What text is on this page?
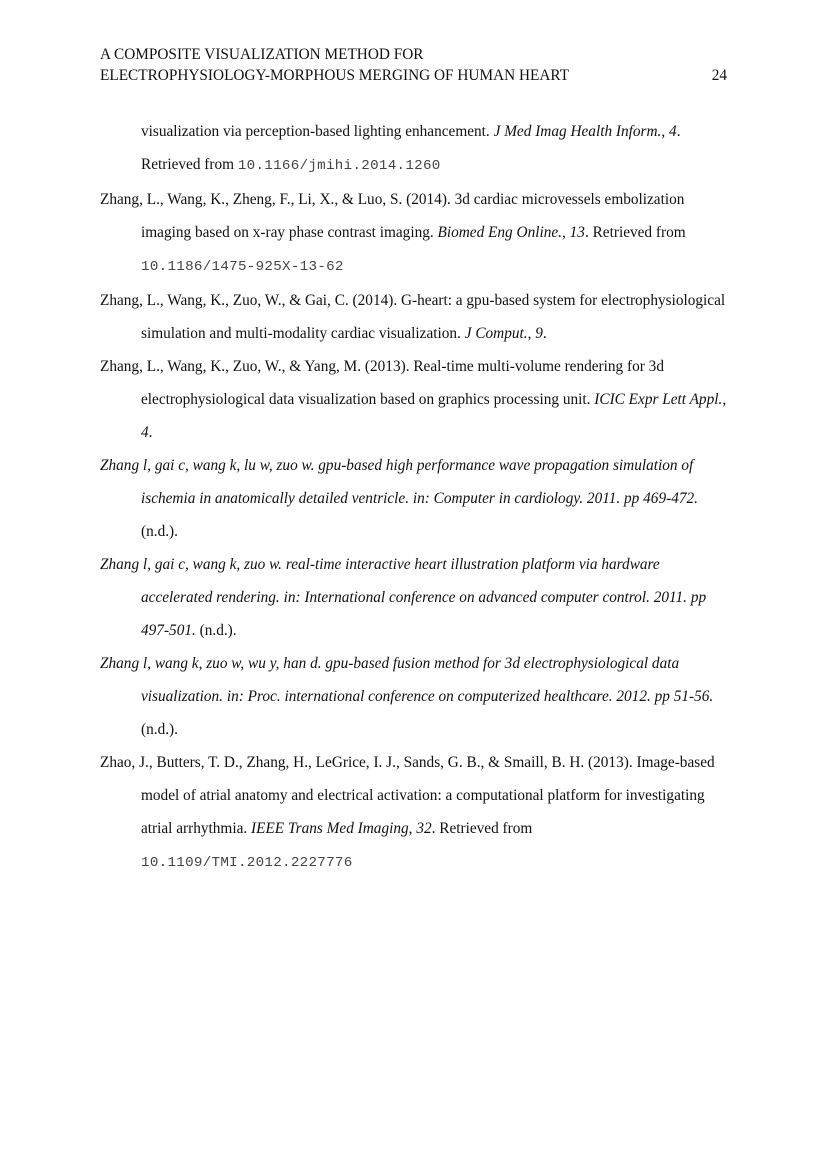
A COMPOSITE VISUALIZATION METHOD FOR
ELECTROPHYSIOLOGY-MORPHOUS MERGING OF HUMAN HEART	24

visualization via perception-based lighting enhancement. J Med Imag Health Inform., 4. Retrieved from 10.1166/jmihi.2014.1260

Zhang, L., Wang, K., Zheng, F., Li, X., & Luo, S. (2014). 3d cardiac microvessels embolization imaging based on x-ray phase contrast imaging. Biomed Eng Online., 13. Retrieved from 10.1186/1475-925X-13-62

Zhang, L., Wang, K., Zuo, W., & Gai, C. (2014). G-heart: a gpu-based system for electrophysiological simulation and multi-modality cardiac visualization. J Comput., 9.

Zhang, L., Wang, K., Zuo, W., & Yang, M. (2013). Real-time multi-volume rendering for 3d electrophysiological data visualization based on graphics processing unit. ICIC Expr Lett Appl., 4.

Zhang l, gai c, wang k, lu w, zuo w. gpu-based high performance wave propagation simulation of ischemia in anatomically detailed ventricle. in: Computer in cardiology. 2011. pp 469-472. (n.d.).

Zhang l, gai c, wang k, zuo w. real-time interactive heart illustration platform via hardware accelerated rendering. in: International conference on advanced computer control. 2011. pp 497-501. (n.d.).

Zhang l, wang k, zuo w, wu y, han d. gpu-based fusion method for 3d electrophysiological data visualization. in: Proc. international conference on computerized healthcare. 2012. pp 51-56. (n.d.).

Zhao, J., Butters, T. D., Zhang, H., LeGrice, I. J., Sands, G. B., & Smaill, B. H. (2013). Image-based model of atrial anatomy and electrical activation: a computational platform for investigating atrial arrhythmia. IEEE Trans Med Imaging, 32. Retrieved from 10.1109/TMI.2012.2227776
